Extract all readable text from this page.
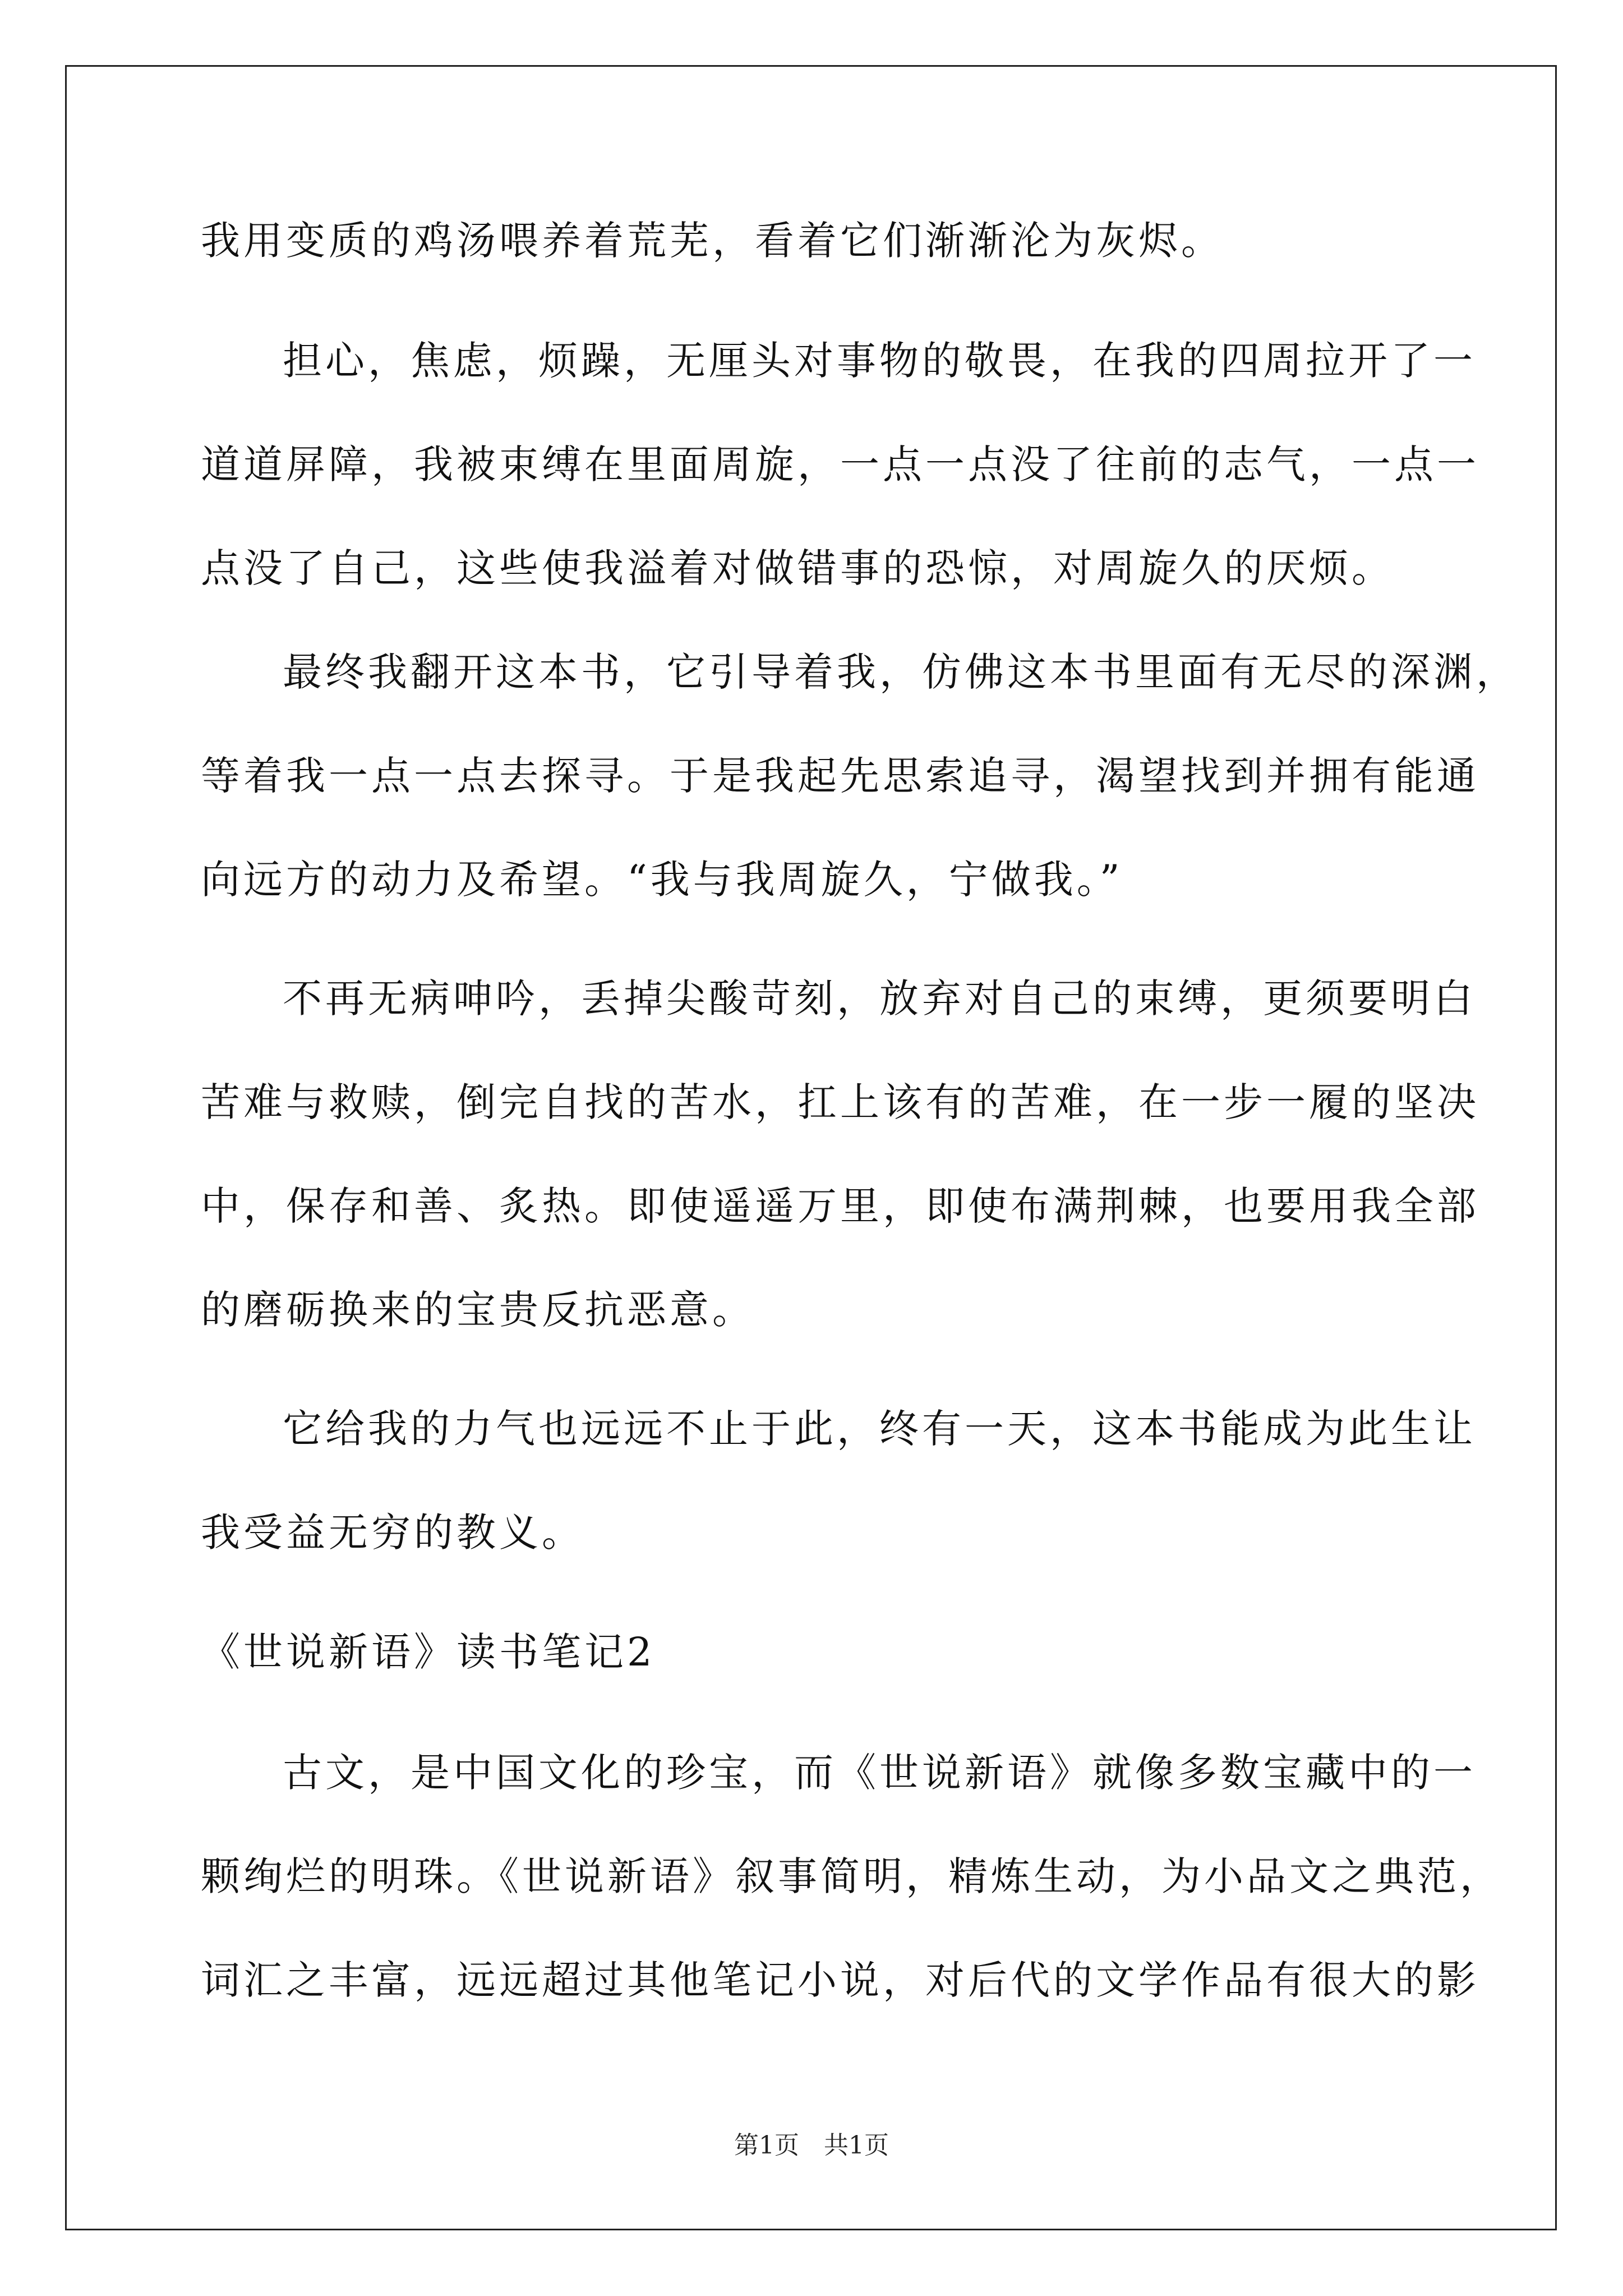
我用变质的鸡汤喂养着荒芜，看着它们渐渐沦为灰烬。
担心，焦虑，烦躁，无厘头对事物的敬畏，在我的四周拉开了一
道道屏障，我被束缚在里面周旋，一点一点没了往前的志气，一点一
点没了自己，这些使我溢着对做错事的恐惊，对周旋久的厌烦。
最终我翻开这本书，它引导着我，仿佛这本书里面有无尽的深渊，
等着我一点一点去探寻。于是我起先思索追寻，渴望找到并拥有能通
向远方的动力及希望。“我与我周旋久，宁做我。”
不再无病呻吟，丢掉尖酸苛刻，放弃对自己的束缚，更须要明白
苦难与救赎，倒完自找的苦水，扛上该有的苦难，在一步一履的坚决
中，保存和善、炙热。即使遥遥万里，即使布满荆棘，也要用我全部
的磨砺换来的宝贵反抗恶意。
它给我的力气也远远不止于此，终有一天，这本书能成为此生让
我受益无穷的教义。
《世说新语》读书笔记2
古文，是中国文化的珍宝，而《世说新语》就像多数宝藏中的一
颗绚烂的明珠。《世说新语》叙事简明，精炼生动，为小品文之典范，
词汇之丰富，远远超过其他笔记小说，对后代的文学作品有很大的影
第1页　共1页
